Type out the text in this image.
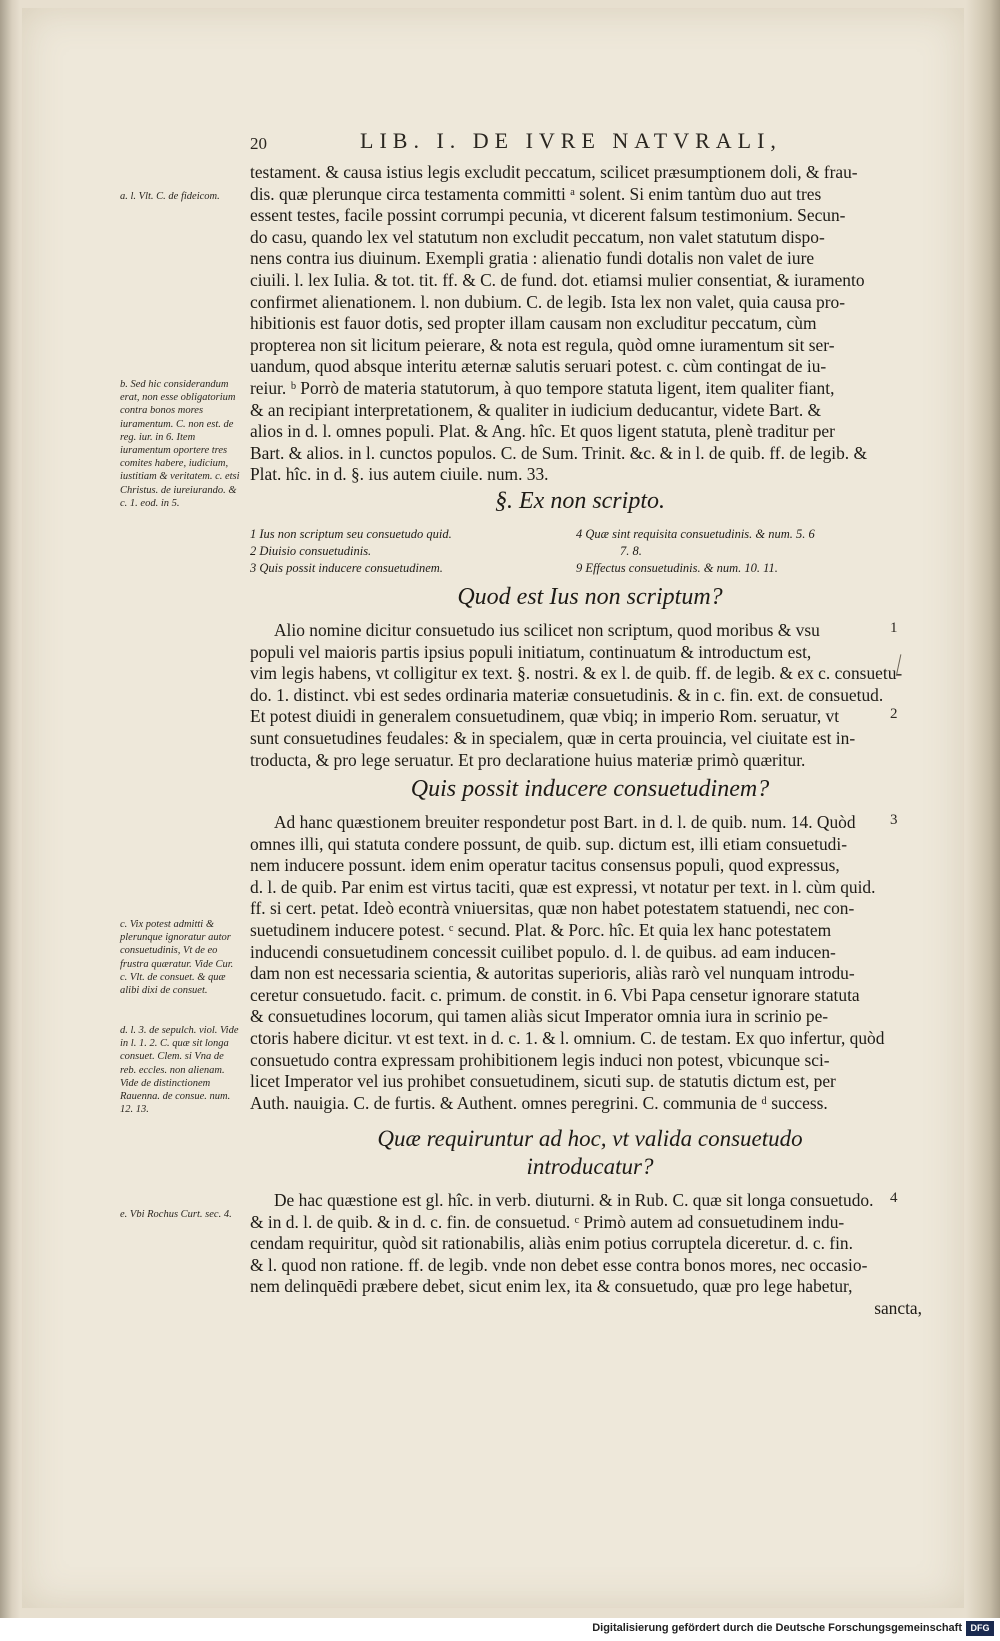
20	LIB. I. DE IVRE NATVRALI,

testament. & causa istius legis excludit peccatum, scilicet præsumptionem doli, & frau-

dis. quæ plerunque circa testamenta committi ᵃ solent. Si enim tantùm duo aut tres

essent testes, facile possint corrumpi pecunia, vt dicerent falsum testimonium. Secun-

do casu, quando lex vel statutum non excludit peccatum, non valet statutum dispo-

nens contra ius diuinum. Exempli gratia : alienatio fundi dotalis non valet de iure

ciuili. l. lex Iulia. & tot. tit. ff. & C. de fund. dot. etiamsi mulier consentiat, & iuramento

confirmet alienationem. l. non dubium. C. de legib. Ista lex non valet, quia causa pro-

hibitionis est fauor dotis, sed propter illam causam non excluditur peccatum, cùm

propterea non sit licitum peierare, & nota est regula, quòd omne iuramentum sit ser-

uandum, quod absque interitu æternæ salutis seruari potest. c. cùm contingat de iu-

reiur. ᵇ Porrò de materia statutorum, à quo tempore statuta ligent, item qualiter fiant,

& an recipiant interpretationem, & qualiter in iudicium deducantur, videte Bart. &

alios in d. l. omnes populi. Plat. & Ang. hîc. Et quos ligent statuta, plenè traditur per

Bart. & alios. in l. cunctos populos. C. de Sum. Trinit. &c. & in l. de quib. ff. de legib. &

Plat. hîc. in d. §. ius autem ciuile. num. 33.

§. Ex non scripto.
1 Ius non scriptum seu consuetudo quid.
2 Diuisio consuetudinis.
3 Quis possit inducere consuetudinem.
4 Quæ sint requisita consuetudinis. & num. 5. 6
7. 8.
9 Effectus consuetudinis. & num. 10. 11.
Quod est Ius non scriptum?

Alio nomine dicitur consuetudo ius scilicet non scriptum, quod moribus & vsu

populi vel maioris partis ipsius populi initiatum, continuatum & introductum est,

vim legis habens, vt colligitur ex text. §. nostri. & ex l. de quib. ff. de legib. & ex c. consuetu-

do. 1. distinct. vbi est sedes ordinaria materiæ consuetudinis. & in c. fin. ext. de consuetud.

Et potest diuidi in generalem consuetudinem, quæ vbiq; in imperio Rom. seruatur, vt

sunt consuetudines feudales: & in specialem, quæ in certa prouincia, vel ciuitate est in-

troducta, & pro lege seruatur. Et pro declaratione huius materiæ primò quæritur.

Quis possit inducere consuetudinem?

Ad hanc quæstionem breuiter respondetur post Bart. in d. l. de quib. num. 14. Quòd

omnes illi, qui statuta condere possunt, de quib. sup. dictum est, illi etiam consuetudi-

nem inducere possunt. idem enim operatur tacitus consensus populi, quod expressus,

d. l. de quib. Par enim est virtus taciti, quæ est expressi, vt notatur per text. in l. cùm quid.

ff. si cert. petat. Ideò econtrà vniuersitas, quæ non habet potestatem statuendi, nec con-

suetudinem inducere potest. ᶜ secund. Plat. & Porc. hîc. Et quia lex hanc potestatem

inducendi consuetudinem concessit cuilibet populo. d. l. de quibus. ad eam inducen-

dam non est necessaria scientia, & autoritas superioris, aliàs rarò vel nunquam introdu-

ceretur consuetudo. facit. c. primum. de constit. in 6. Vbi Papa censetur ignorare statuta

& consuetudines locorum, qui tamen aliàs sicut Imperator omnia iura in scrinio pe-

ctoris habere dicitur. vt est text. in d. c. 1. & l. omnium. C. de testam. Ex quo infertur, quòd

consuetudo contra expressam prohibitionem legis induci non potest, vbicunque sci-

licet Imperator vel ius prohibet consuetudinem, sicuti sup. de statutis dictum est, per

Auth. nauigia. C. de furtis. & Authent. omnes peregrini. C. communia de ᵈ success.

Quæ requiruntur ad hoc, vt valida consuetudo
introducatur?

De hac quæstione est gl. hîc. in verb. diuturni. & in Rub. C. quæ sit longa consuetudo.

& in d. l. de quib. & in d. c. fin. de consuetud. ᶜ Primò autem ad consuetudinem indu-

cendam requiritur, quòd sit rationabilis, aliàs enim potius corruptela diceretur. d. c. fin.

& l. quod non ratione. ff. de legib. vnde non debet esse contra bonos mores, nec occasio-

nem delinquēdi præbere debet, sicut enim lex, ita & consuetudo, quæ pro lege habetur,

sancta,
a. l. Vlt. C. de fideicom.
b. Sed hic considerandum erat, non esse obligatorium contra bonos mores iuramentum. C. non est. de reg. iur. in 6. Item iuramentum oportere tres comites habere, iudicium, iustitiam & veritatem. c. etsi Christus. de iureiurando. & c. 1. eod. in 5.
c. Vix potest admitti & plerunque ignoratur autor consuetudinis, Vt de eo frustra quæratur. Vide Cur. c. Vlt. de consuet. & quæ alibi dixi de consuet.
d. l. 3. de sepulch. viol. Vide in l. 1. 2. C. quæ sit longa consuet. Clem. si Vna de reb. eccles. non alienam. Vide de distinctionem Rauenna. de consue. num. 12. 13.
e. Vbi Rochus Curt. sec. 4.
1
2
3
4
Digitalisierung gefördert durch die Deutsche Forschungsgemeinschaft DFG
